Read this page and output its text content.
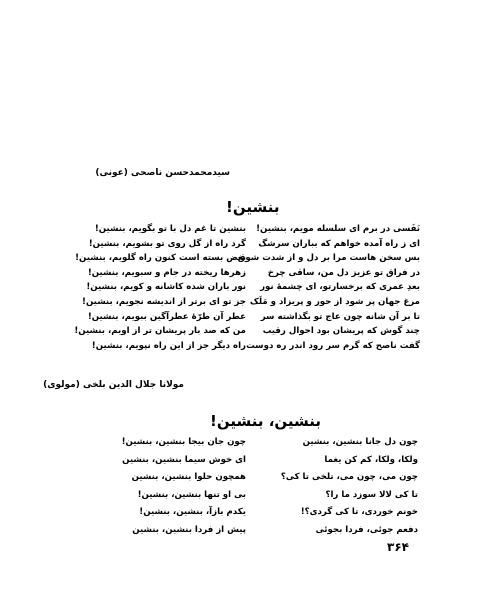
سیدمحمدحسن ناصحی (عونی)
بنشین!
نَفَسی در برم ای سلسله مویم، بنشین!
ای ز راه آمده خواهم که بباران سرشگ
بس سخن هاست مرا بر دل و از شدت شوق
در فراق تو عزیز دل من، ساقی چرخ
بعدِ عمری که برخسارتو، ای چشمهٔ نور
مرغ جهان پر شود از حور و پریزاد و مَلَک
تا بر آن شانه چون عاج تو بگذاشته سر
چند گوش که پریشان بود احوال رقیب
گفت ناصح که گرم سر رود اندر ره دوست
بنشین تا غم دل با تو بگویم، بنشین!
گرد راه از گل روی تو بشویم، بنشین!
بغض بسته است کنون راه گلویم، بنشین!
زهرها ریخته در جام و سبویم، بنشین!
نور باران شده کاشانه و کویم، بنشین!
جز تو ای برتر از اندیشه نجویم، بنشین!
عطر آن طرّهٔ عطرآگین ببویم، بنشین!
من که صد بار پریشان تر از اویم، بنشین!
راه دیگر جز از این راه نپویم، بنشین!
مولانا جلال الدین بلخی (مولوی)
بنشین، بنشین!
چون دل جانا بنشین، بنشین
ولکا، ولکا، کم کن یغما
چون می، چون می، تلخی تا کی؟
تا کی لالا سوزد ما را؟
خونم خوردی، تا کی گردی؟!
دفعم جوئی، فردا بجوئی
چون جان بیجا بنشین، بنشین!
ای خوش سیما بنشین، بنشین
همچون حلوا بنشین، بنشین
بی او تنها بنشین، بنشین!
یکدم بازآ، بنشین، بنشین!
پیش از فردا بنشین، بنشین
۳۶۴
